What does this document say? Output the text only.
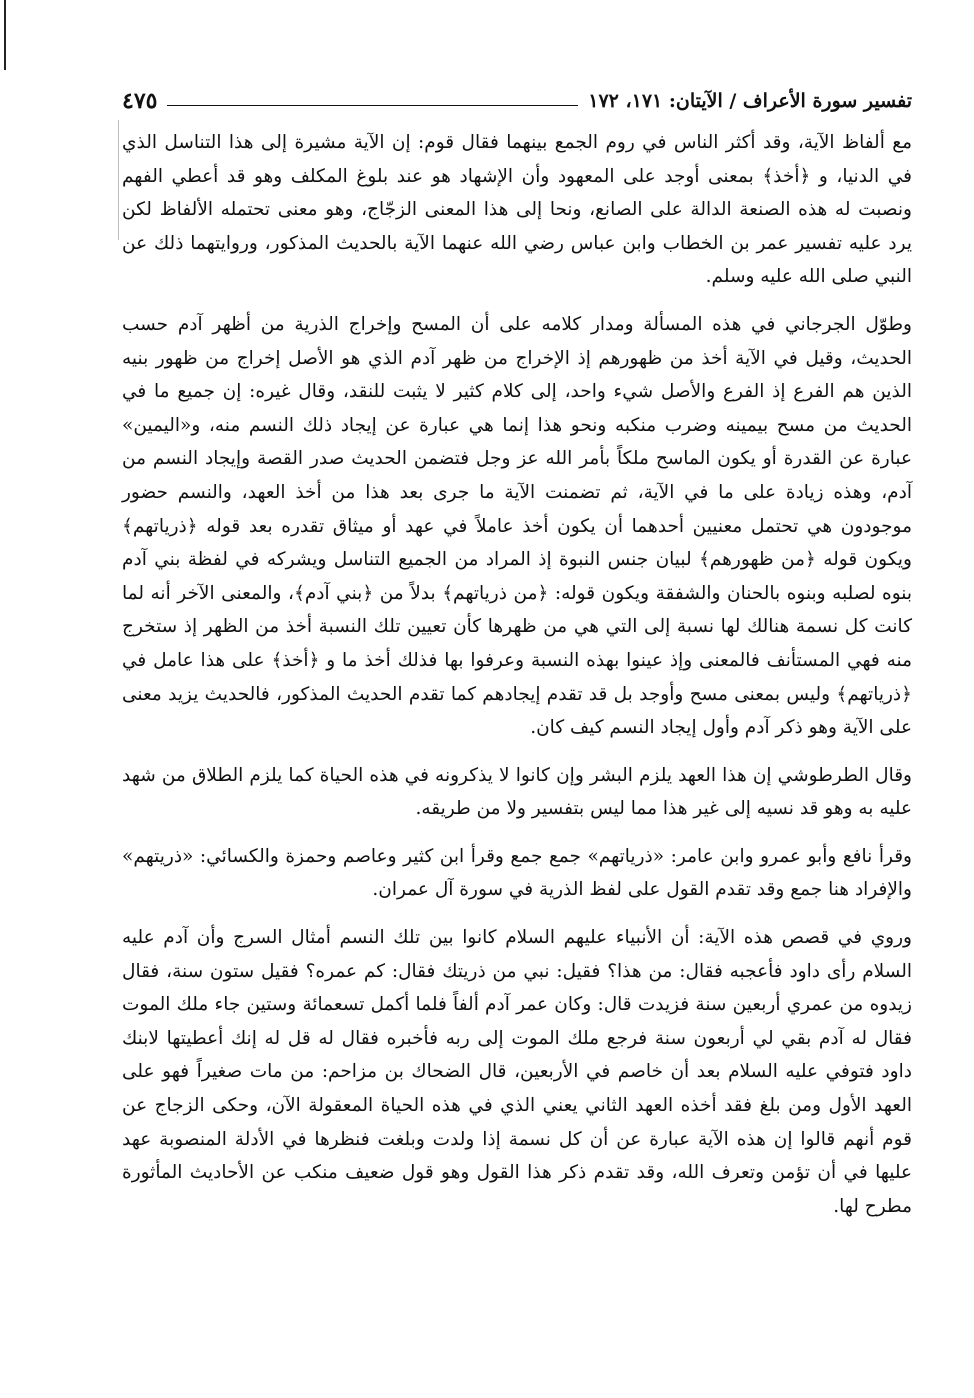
تفسير سورة الأعراف / الآيتان: ١٧١، ١٧٢
٤٧٥

مع ألفاظ الآية، وقد أكثر الناس في روم الجمع بينهما فقال قوم: إن الآية مشيرة إلى هذا التناسل الذي في الدنيا، و ﴿أخذ﴾ بمعنى أوجد على المعهود وأن الإشهاد هو عند بلوغ المكلف وهو قد أعطي الفهم ونصبت له هذه الصنعة الدالة على الصانع، ونحا إلى هذا المعنى الزجّاج، وهو معنى تحتمله الألفاظ لكن يرد عليه تفسير عمر بن الخطاب وابن عباس رضي الله عنهما الآية بالحديث المذكور، وروايتهما ذلك عن النبي صلى الله عليه وسلم.

وطوّل الجرجاني في هذه المسألة ومدار كلامه على أن المسح وإخراج الذرية من أظهر آدم حسب الحديث، وقيل في الآية أخذ من ظهورهم إذ الإخراج من ظهر آدم الذي هو الأصل إخراج من ظهور بنيه الذين هم الفرع إذ الفرع والأصل شيء واحد، إلى كلام كثير لا يثبت للنقد، وقال غيره: إن جميع ما في الحديث من مسح بيمينه وضرب منكبه ونحو هذا إنما هي عبارة عن إيجاد ذلك النسم منه، و«اليمين» عبارة عن القدرة أو يكون الماسح ملكاً بأمر الله عز وجل فتضمن الحديث صدر القصة وإيجاد النسم من آدم، وهذه زيادة على ما في الآية، ثم تضمنت الآية ما جرى بعد هذا من أخذ العهد، والنسم حضور موجودون هي تحتمل معنيين أحدهما أن يكون أخذ عاملاً في عهد أو ميثاق تقدره بعد قوله ﴿ذرياتهم﴾ ويكون قوله ﴿من ظهورهم﴾ لبيان جنس النبوة إذ المراد من الجميع التناسل ويشركه في لفظة بني آدم بنوه لصلبه وبنوه بالحنان والشفقة ويكون قوله: ﴿من ذرياتهم﴾ بدلاً من ﴿بني آدم﴾، والمعنى الآخر أنه لما كانت كل نسمة هنالك لها نسبة إلى التي هي من ظهرها كأن تعيين تلك النسبة أخذ من الظهر إذ ستخرج منه فهي المستأنف فالمعنى وإذ عينوا بهذه النسبة وعرفوا بها فذلك أخذ ما و ﴿أخذ﴾ على هذا عامل في ﴿ذرياتهم﴾ وليس بمعنى مسح وأوجد بل قد تقدم إيجادهم كما تقدم الحديث المذكور، فالحديث يزيد معنى على الآية وهو ذكر آدم وأول إيجاد النسم كيف كان.

وقال الطرطوشي إن هذا العهد يلزم البشر وإن كانوا لا يذكرونه في هذه الحياة كما يلزم الطلاق من شهد عليه به وهو قد نسيه إلى غير هذا مما ليس بتفسير ولا من طريقه.

وقرأ نافع وأبو عمرو وابن عامر: «ذرياتهم» جمع جمع وقرأ ابن كثير وعاصم وحمزة والكسائي: «ذريتهم» والإفراد هنا جمع وقد تقدم القول على لفظ الذرية في سورة آل عمران.

وروي في قصص هذه الآية: أن الأنبياء عليهم السلام كانوا بين تلك النسم أمثال السرج وأن آدم عليه السلام رأى داود فأعجبه فقال: من هذا؟ فقيل: نبي من ذريتك فقال: كم عمره؟ فقيل ستون سنة، فقال زيدوه من عمري أربعين سنة فزيدت قال: وكان عمر آدم ألفاً فلما أكمل تسعمائة وستين جاء ملك الموت فقال له آدم بقي لي أربعون سنة فرجع ملك الموت إلى ربه فأخبره فقال له قل له إنك أعطيتها لابنك داود فتوفي عليه السلام بعد أن خاصم في الأربعين، قال الضحاك بن مزاحم: من مات صغيراً فهو على العهد الأول ومن بلغ فقد أخذه العهد الثاني يعني الذي في هذه الحياة المعقولة الآن، وحكى الزجاج عن قوم أنهم قالوا إن هذه الآية عبارة عن أن كل نسمة إذا ولدت وبلغت فنظرها في الأدلة المنصوبة عهد عليها في أن تؤمن وتعرف الله، وقد تقدم ذكر هذا القول وهو قول ضعيف منكب عن الأحاديث المأثورة مطرح لها.
